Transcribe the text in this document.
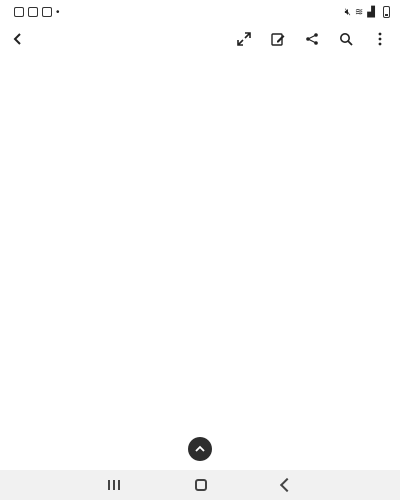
•	🔇︎ ≋ ▟
